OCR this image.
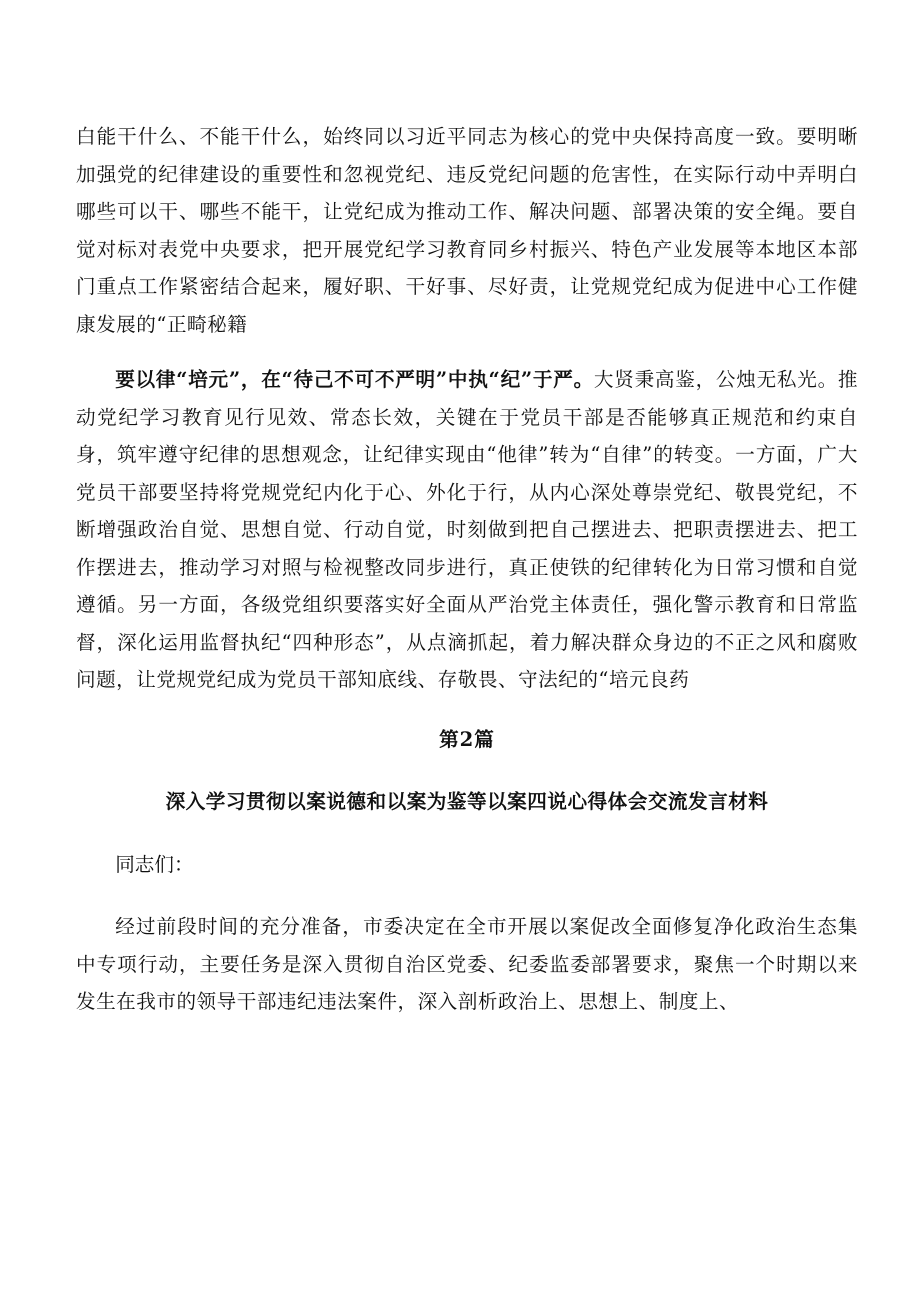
白能干什么、不能干什么，始终同以习近平同志为核心的党中央保持高度一致。要明晰加强党的纪律建设的重要性和忽视党纪、违反党纪问题的危害性，在实际行动中弄明白哪些可以干、哪些不能干，让党纪成为推动工作、解决问题、部署决策的安全绳。要自觉对标对表党中央要求，把开展党纪学习教育同乡村振兴、特色产业发展等本地区本部门重点工作紧密结合起来，履好职、干好事、尽好责，让党规党纪成为促进中心工作健康发展的“正畸秘籍

要以律“培元”，在“待己不可不严明”中执“纪”于严。大贤秉高鉴，公烛无私光。推动党纪学习教育见行见效、常态长效，关键在于党员干部是否能够真正规范和约束自身，筑牢遵守纪律的思想观念，让纪律实现由“他律”转为“自律”的转变。一方面，广大党员干部要坚持将党规党纪内化于心、外化于行，从内心深处尊崇党纪、敬畏党纪，不断增强政治自觉、思想自觉、行动自觉，时刻做到把自己摆进去、把职责摆进去、把工作摆进去，推动学习对照与检视整改同步进行，真正使铁的纪律转化为日常习惯和自觉遵循。另一方面，各级党组织要落实好全面从严治党主体责任，强化警示教育和日常监督，深化运用监督执纪“四种形态”，从点滴抓起，着力解决群众身边的不正之风和腐败问题，让党规党纪成为党员干部知底线、存敬畏、守法纪的“培元良药

第2篇

深入学习贯彻以案说德和以案为鉴等以案四说心得体会交流发言材料

同志们：

经过前段时间的充分准备，市委决定在全市开展以案促改全面修复净化政治生态集中专项行动，主要任务是深入贯彻自治区党委、纪委监委部署要求，聚焦一个时期以来发生在我市的领导干部违纪违法案件，深入剖析政治上、思想上、制度上、
